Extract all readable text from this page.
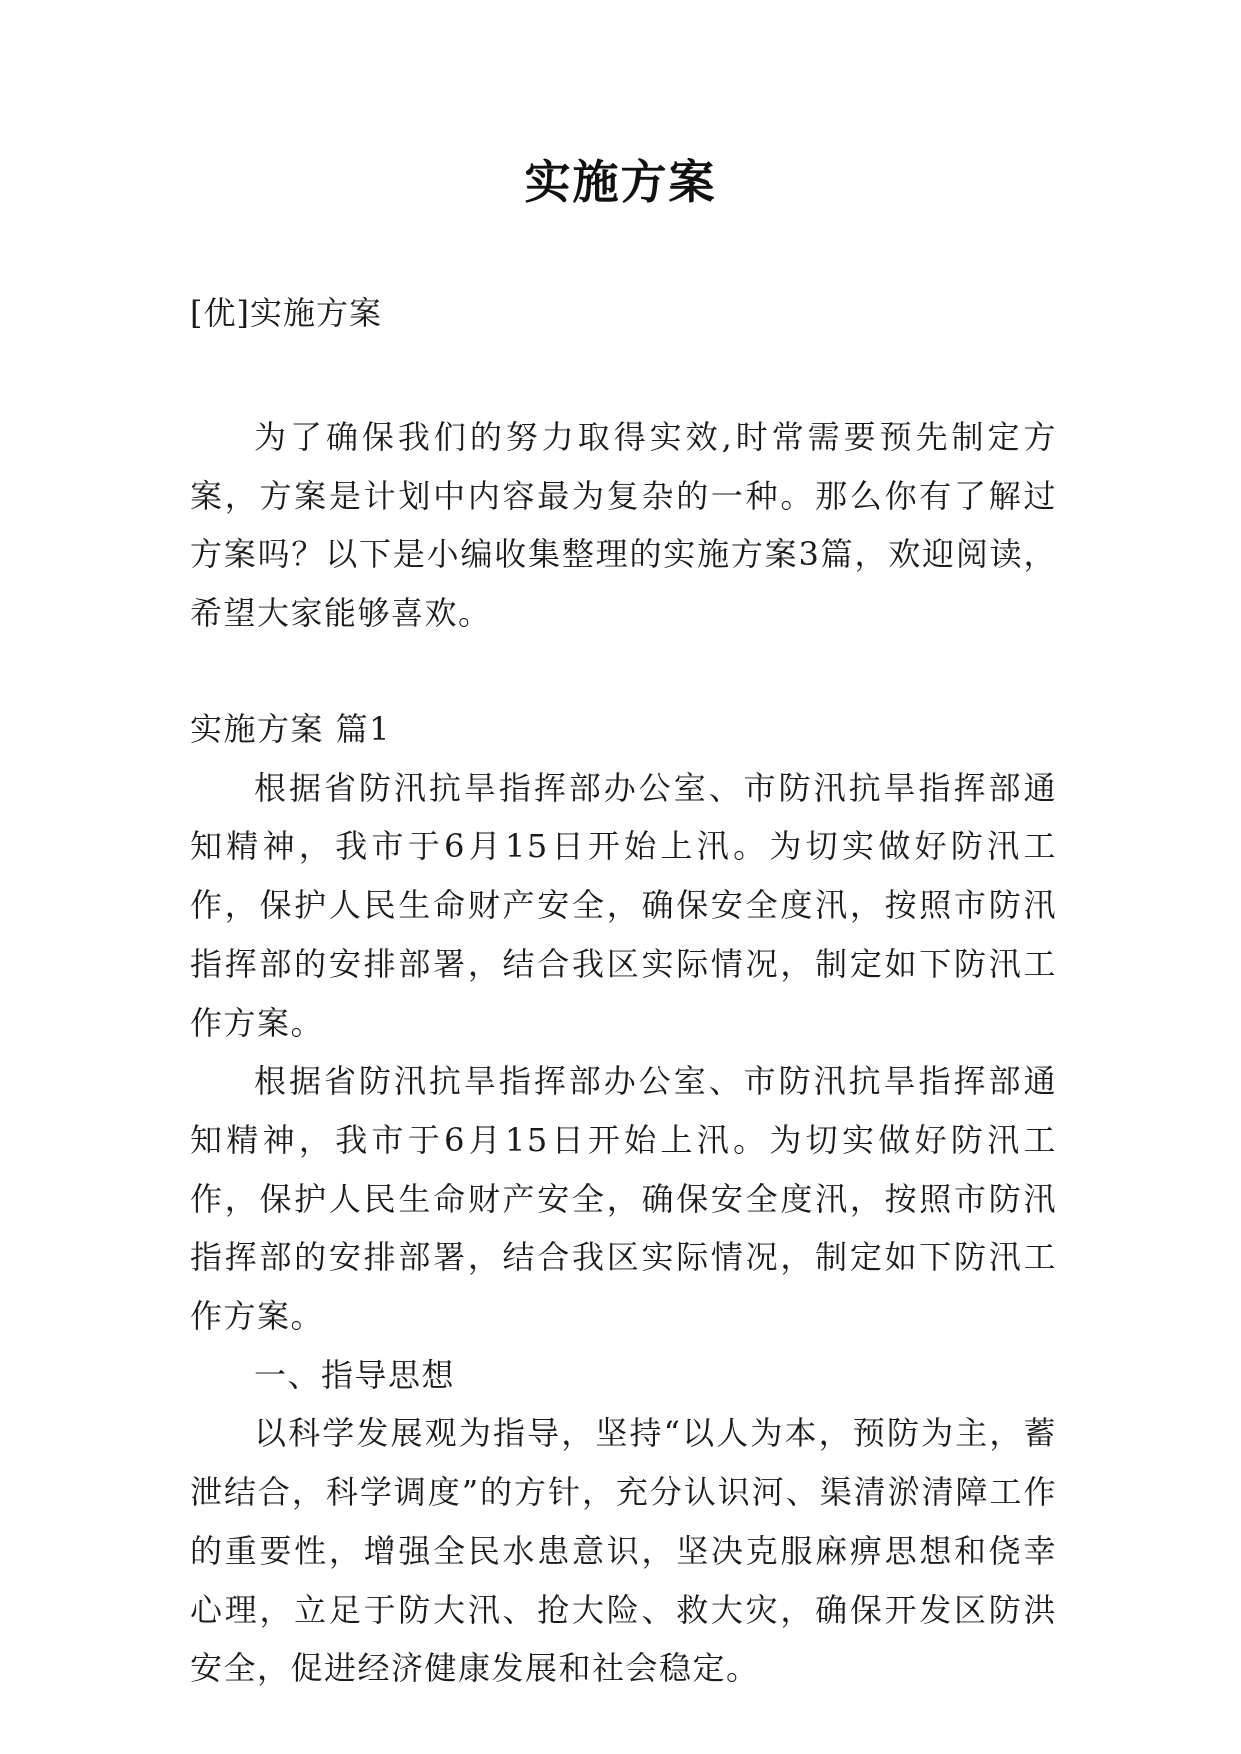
实施方案
[优]实施方案

为了确保我们的努力取得实效,时常需要预先制定方案，方案是计划中内容最为复杂的一种。那么你有了解过方案吗？以下是小编收集整理的实施方案3篇，欢迎阅读，希望大家能够喜欢。

实施方案 篇1

根据省防汛抗旱指挥部办公室、市防汛抗旱指挥部通知精神，我市于6月15日开始上汛。为切实做好防汛工作，保护人民生命财产安全，确保安全度汛，按照市防汛指挥部的安排部署，结合我区实际情况，制定如下防汛工作方案。

根据省防汛抗旱指挥部办公室、市防汛抗旱指挥部通知精神，我市于6月15日开始上汛。为切实做好防汛工作，保护人民生命财产安全，确保安全度汛，按照市防汛指挥部的安排部署，结合我区实际情况，制定如下防汛工作方案。

一、指导思想

以科学发展观为指导，坚持“以人为本，预防为主，蓄泄结合，科学调度”的方针，充分认识河、渠清淤清障工作的重要性，增强全民水患意识，坚决克服麻痹思想和侥幸心理，立足于防大汛、抢大险、救大灾，确保开发区防洪安全，促进经济健康发展和社会稳定。
